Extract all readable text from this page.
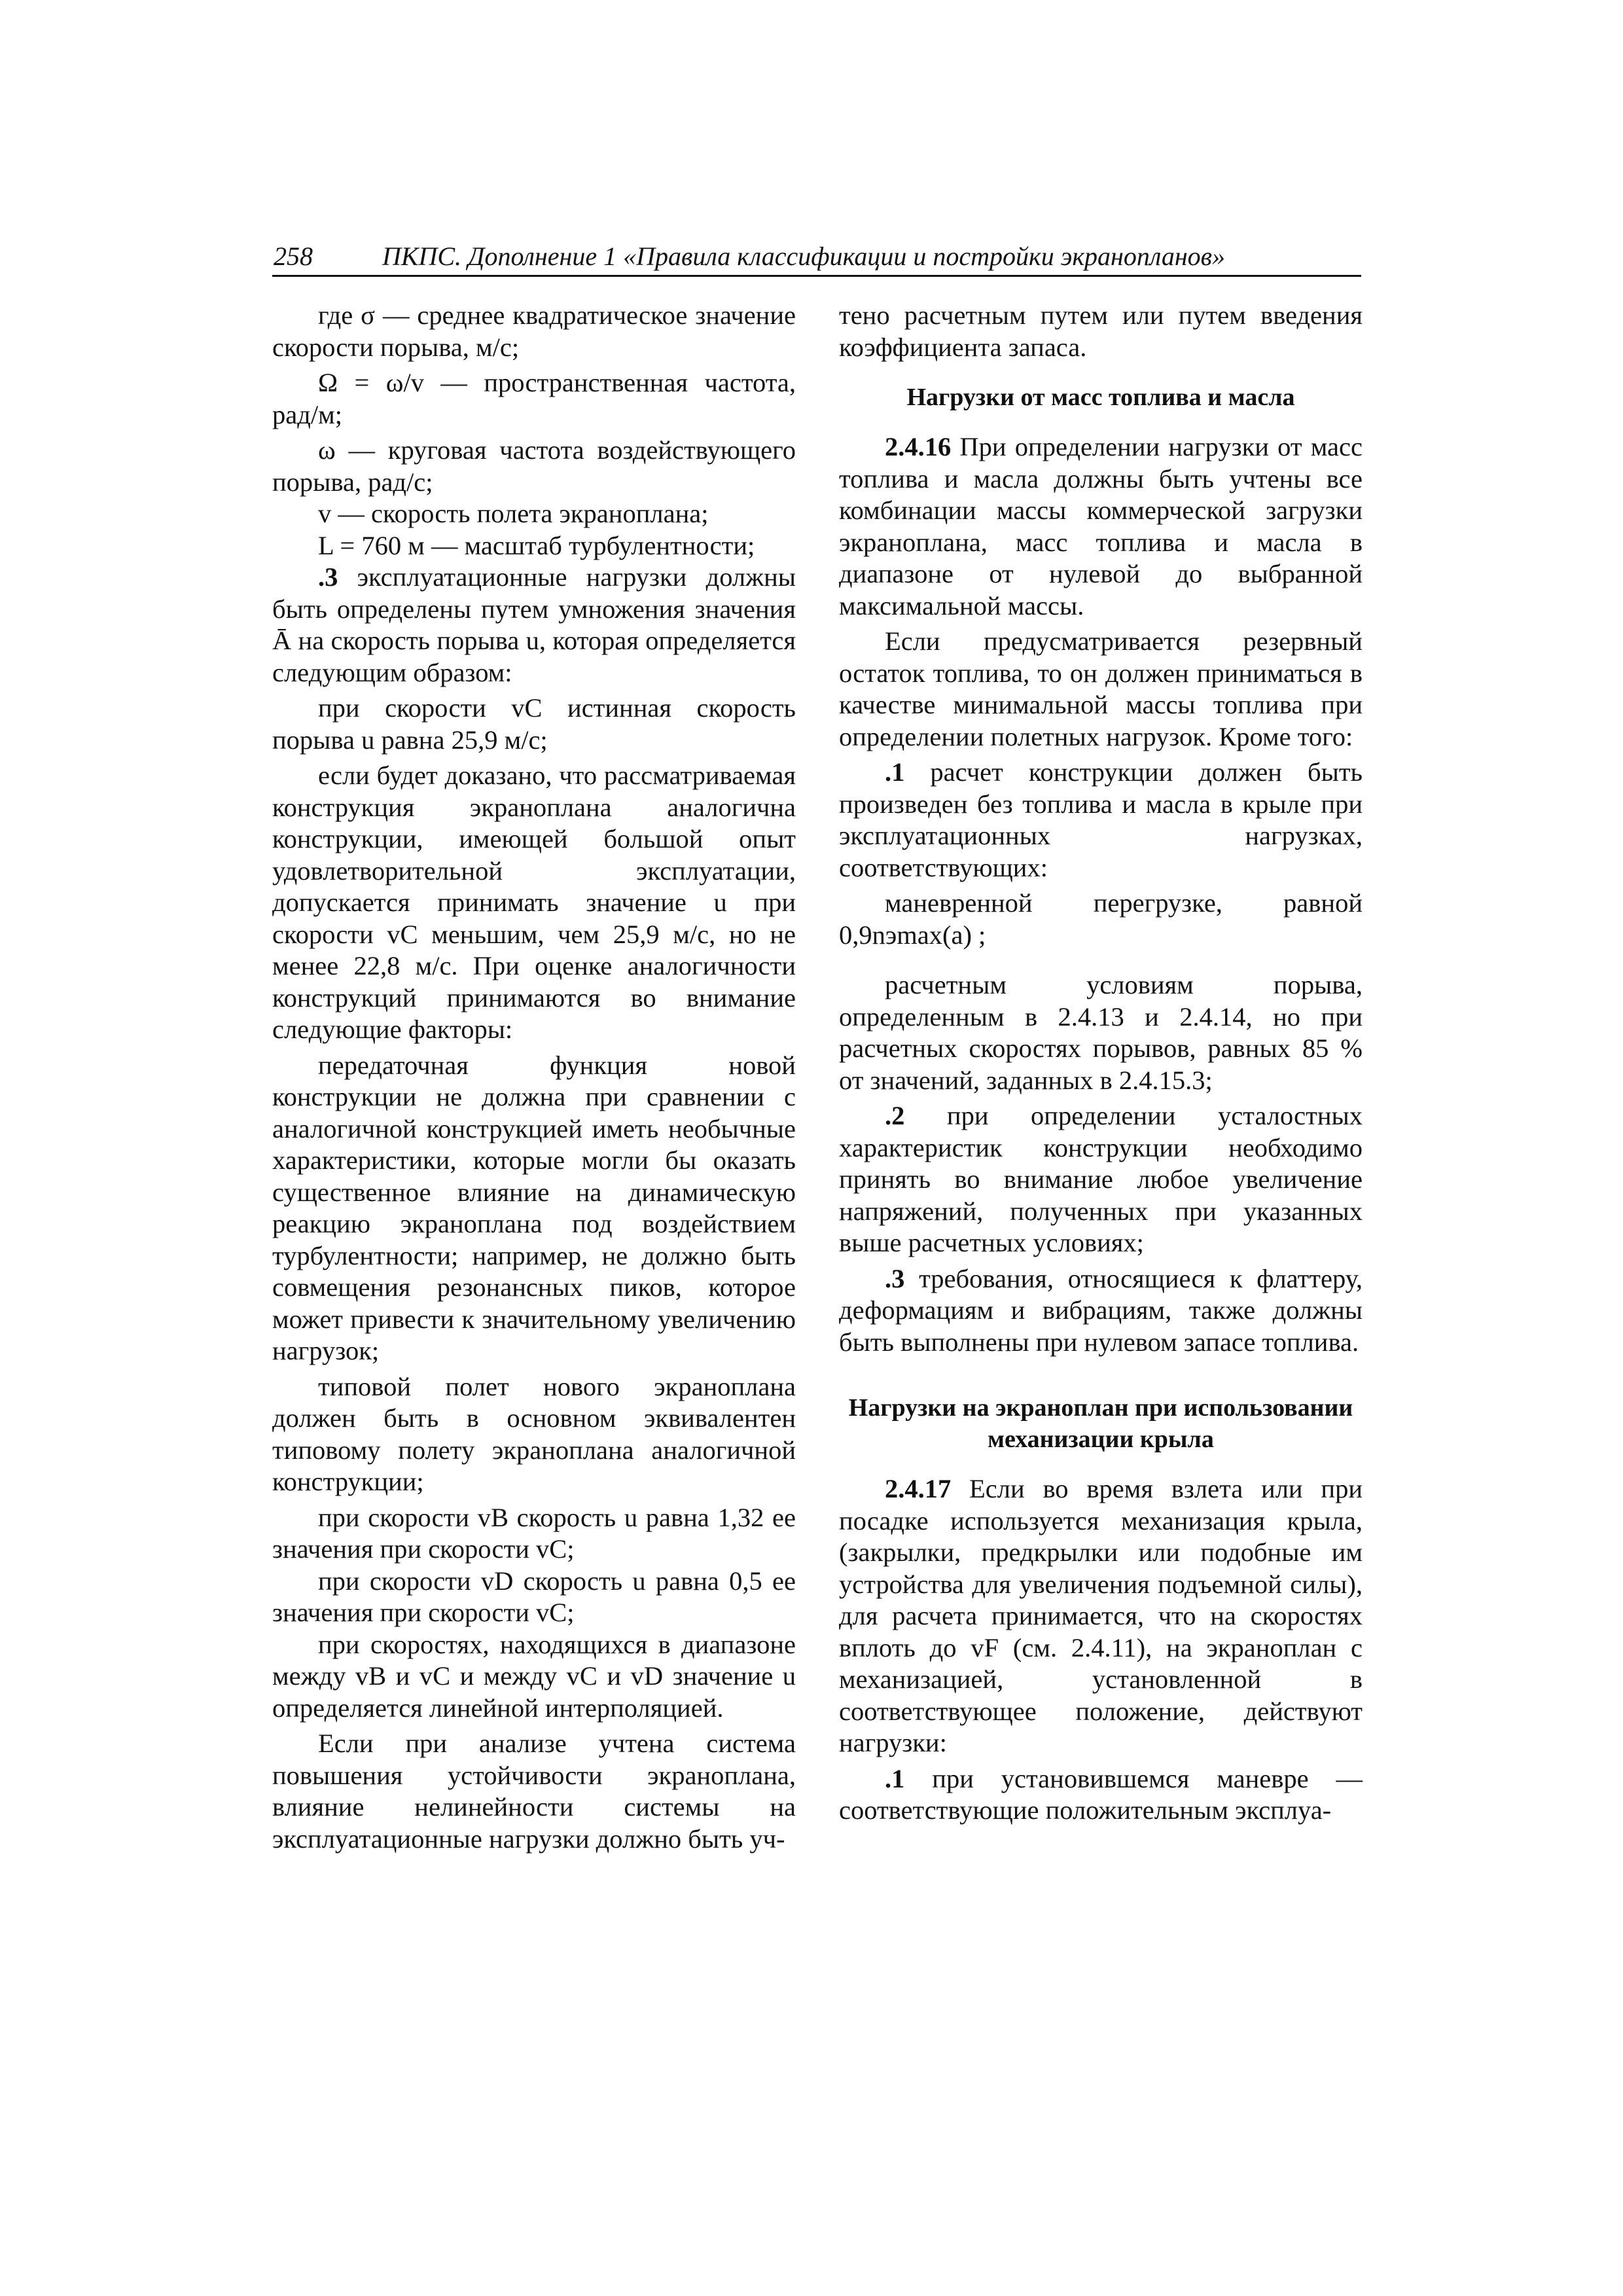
258	ПКПС. Дополнение 1 «Правила классификации и постройки экранопланов»

где σ — среднее квадратическое значение скорости порыва, м/с;

Ω = ω/v — пространственная частота, рад/м;

ω — круговая частота воздействующего порыва, рад/с;

v — скорость полета экраноплана;

L = 760 м — масштаб турбулентности;

.3 эксплуатационные нагрузки должны быть определены путем умножения значения Ā на скорость порыва u, которая определяется следующим образом:

при скорости vC истинная скорость порыва u равна 25,9 м/с;

если будет доказано, что рассматриваемая конструкция экраноплана аналогична конструкции, имеющей большой опыт удовлетворительной эксплуатации, допускается принимать значение u при скорости vC меньшим, чем 25,9 м/с, но не менее 22,8 м/с. При оценке аналогичности конструкций принимаются во внимание следующие факторы:

передаточная функция новой конструкции не должна при сравнении с аналогичной конструкцией иметь необычные характеристики, которые могли бы оказать существенное влияние на динамическую реакцию экраноплана под воздействием турбулентности; например, не должно быть совмещения резонансных пиков, которое может привести к значительному увеличению нагрузок;

типовой полет нового экраноплана должен быть в основном эквивалентен типовому полету экраноплана аналогичной конструкции;

при скорости vB скорость u равна 1,32 ее значения при скорости vC;

при скорости vD скорость u равна 0,5 ее значения при скорости vC;

при скоростях, находящихся в диапазоне между vB и vC и между vC и vD значение u определяется линейной интерполяцией.

Если при анализе учтена система повышения устойчивости экраноплана, влияние нелинейности системы на эксплуатационные нагрузки должно быть уч-

тено расчетным путем или путем введения коэффициента запаса.

Нагрузки от масс топлива и масла

2.4.16 При определении нагрузки от масс топлива и масла должны быть учтены все комбинации массы коммерческой загрузки экраноплана, масс топлива и масла в диапазоне от нулевой до выбранной максимальной массы.

Если предусматривается резервный остаток топлива, то он должен приниматься в качестве минимальной массы топлива при определении полетных нагрузок. Кроме того:

.1 расчет конструкции должен быть произведен без топлива и масла в крыле при эксплуатационных нагрузках, соответствующих:

маневренной перегрузке, равной 0,9nэmax(a) ;

расчетным условиям порыва, определенным в 2.4.13 и 2.4.14, но при расчетных скоростях порывов, равных 85 % от значений, заданных в 2.4.15.3;

.2 при определении усталостных характеристик конструкции необходимо принять во внимание любое увеличение напряжений, полученных при указанных выше расчетных условиях;

.3 требования, относящиеся к флаттеру, деформациям и вибрациям, также должны быть выполнены при нулевом запасе топлива.

Нагрузки на экраноплан при использовании механизации крыла

2.4.17 Если во время взлета или при посадке используется механизация крыла, (закрылки, предкрылки или подобные им устройства для увеличения подъемной силы), для расчета принимается, что на скоростях вплоть до vF (см. 2.4.11), на экраноплан с механизацией, установленной в соответствующее положение, действуют нагрузки:

.1 при установившемся маневре — соответствующие положительным эксплуа-
